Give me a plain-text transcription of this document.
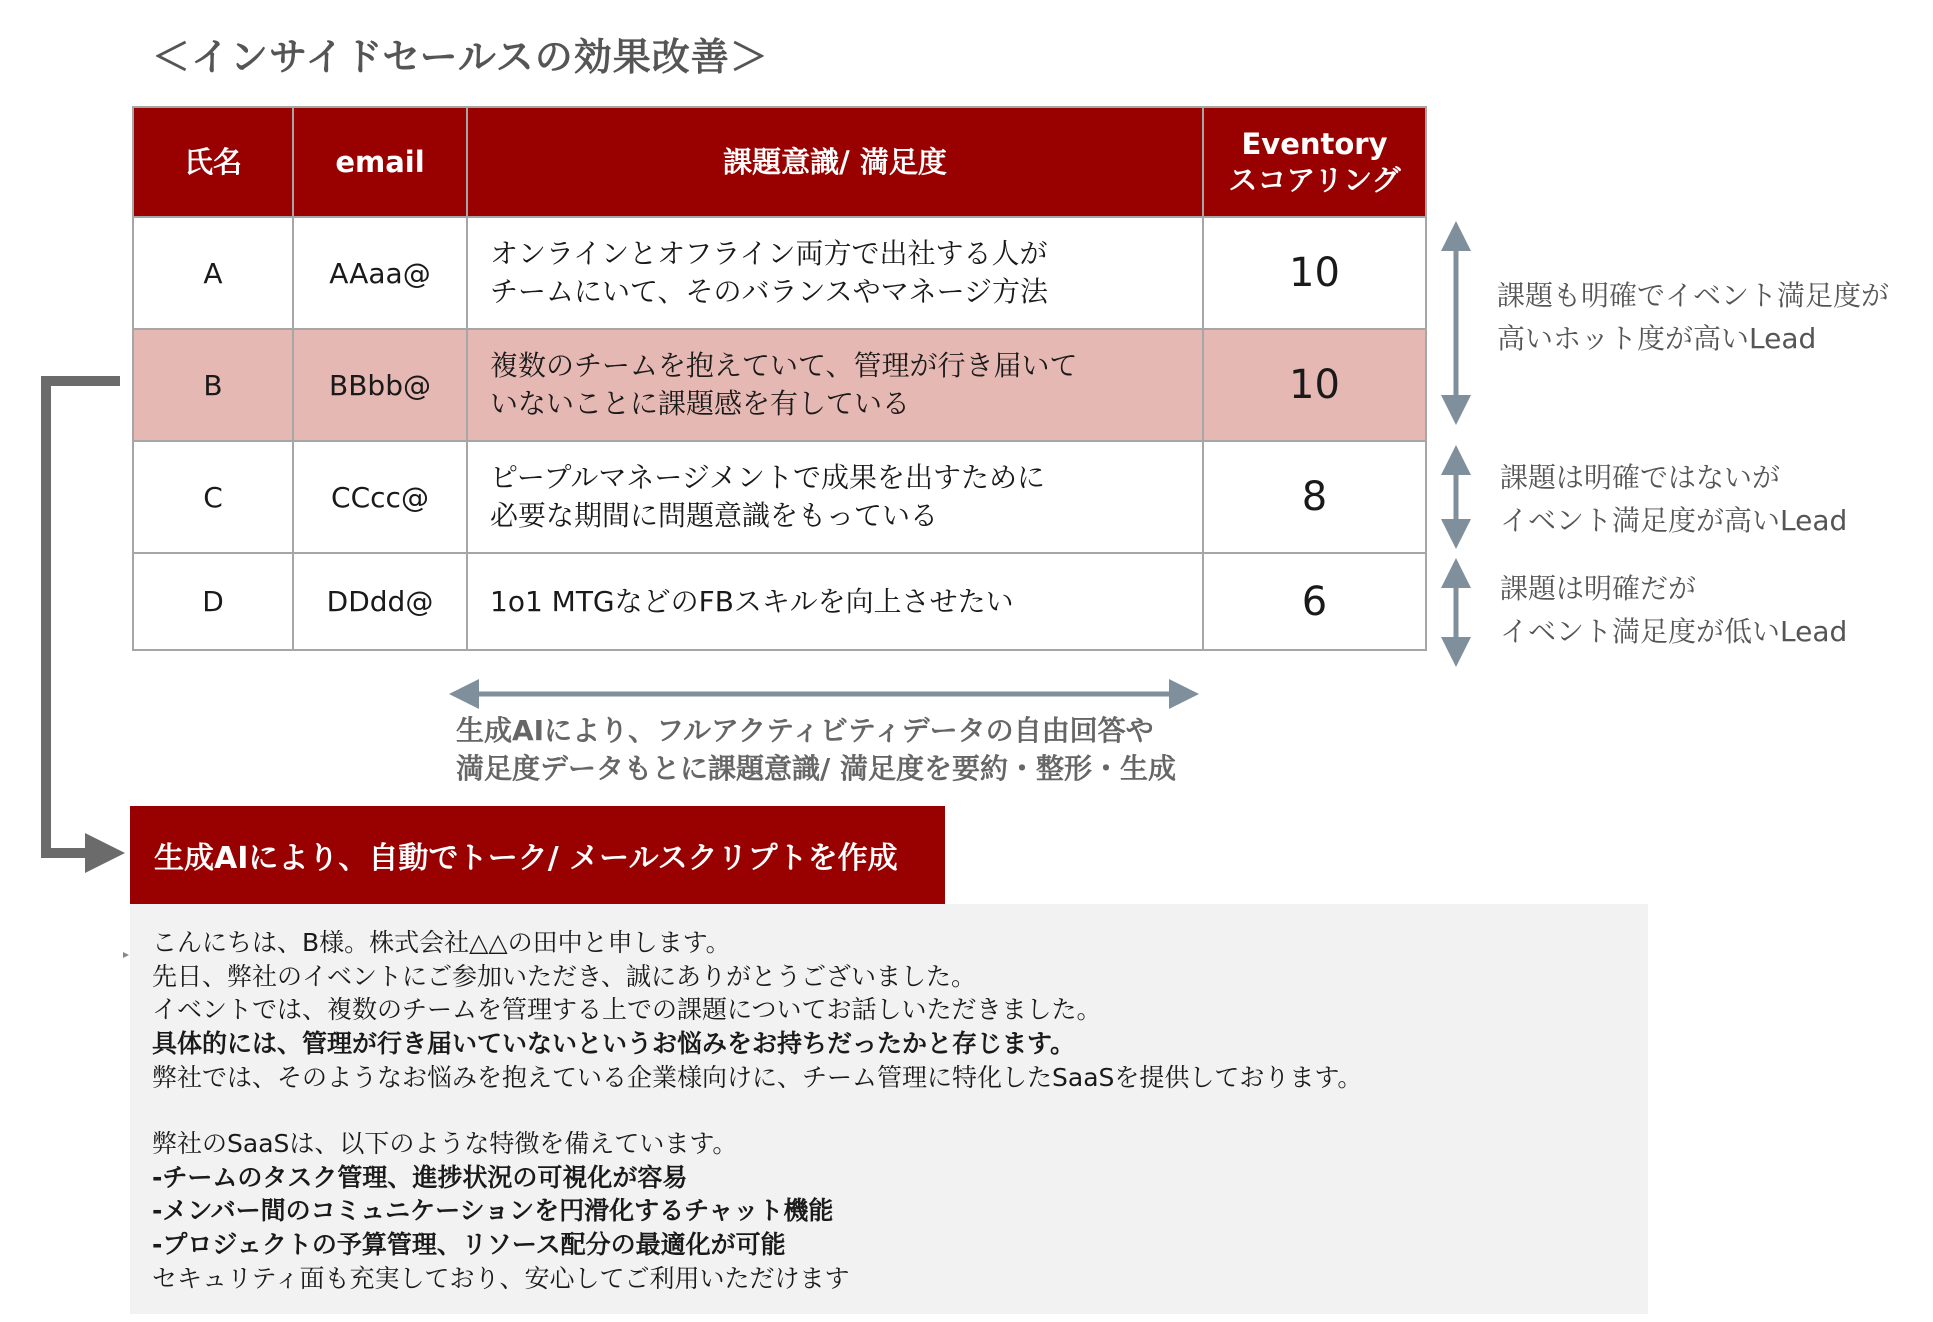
＜インサイドセールスの効果改善＞
氏名	email	課題意識/ 満足度	Eventory
スコアリング

A	AAaa@	オンラインとオフライン両方で出社する人が
チームにいて、そのバランスやマネージ方法	10
B	BBbb@	複数のチームを抱えていて、管理が行き届いて
いないことに課題感を有している	10
C	CCcc@	ピープルマネージメントで成果を出すために
必要な期間に問題意識をもっている	8
D	DDdd@	1o1 MTGなどのFBスキルを向上させたい	6
課題も明確でイベント満足度が
高いホット度が高いLead
課題は明確ではないが
イベント満足度が高いLead
課題は明確だが
イベント満足度が低いLead
生成AIにより、フルアクティビティデータの自由回答や
満足度データもとに課題意識/ 満足度を要約・整形・生成
生成AIにより、自動でトーク/ メールスクリプトを作成
こんにちは、B様。株式会社△△の田中と申します。
先日、弊社のイベントにご参加いただき、誠にありがとうございました。
イベントでは、複数のチームを管理する上での課題についてお話しいただきました。
具体的には、管理が行き届いていないというお悩みをお持ちだったかと存じます。
弊社では、そのようなお悩みを抱えている企業様向けに、チーム管理に特化したSaaSを提供しております。
弊社のSaaSは、以下のような特徴を備えています。
-チームのタスク管理、進捗状況の可視化が容易
-メンバー間のコミュニケーションを円滑化するチャット機能
-プロジェクトの予算管理、リソース配分の最適化が可能
セキュリティ面も充実しており、安心してご利用いただけます
